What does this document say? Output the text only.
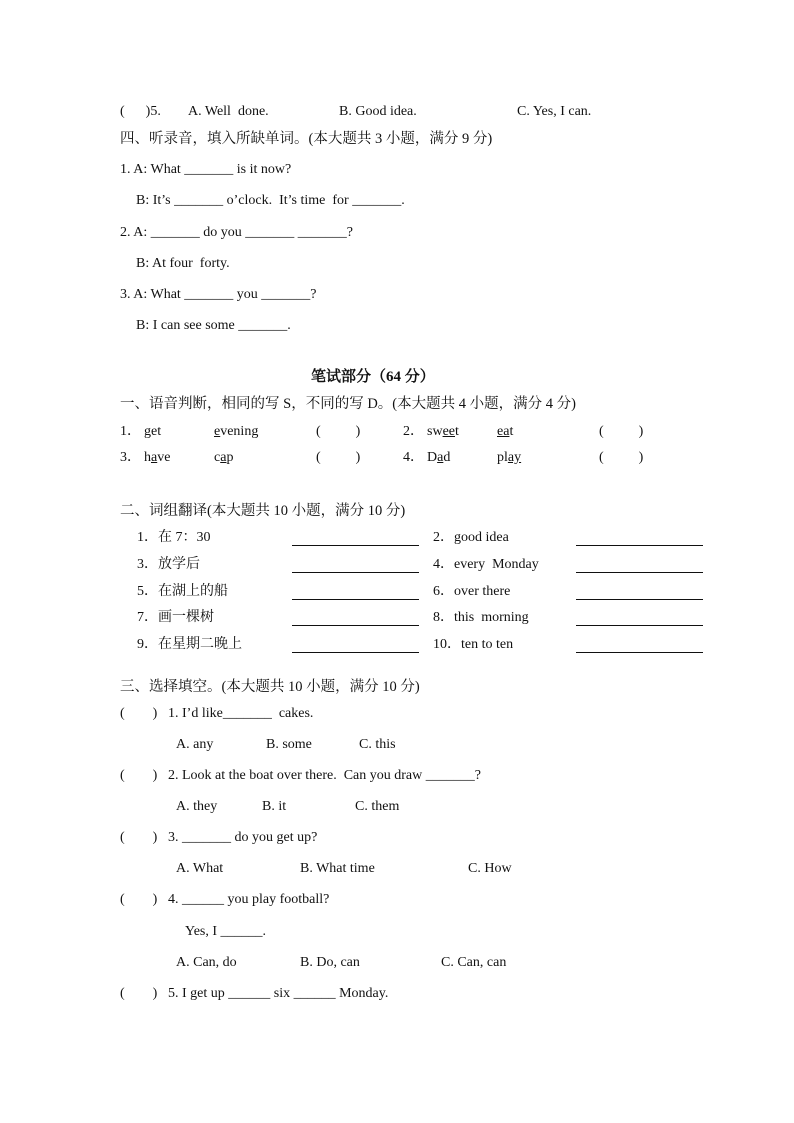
(      )5. A. Well  done.	B. Good idea.	C. Yes, I can.
四、听录音，填入所缺单词。(本大题共 3 小题，满分 9 分)
1. A: What _______ is it now?
B: It’s _______ o’clock.  It’s time  for _______.
2. A: _______ do you _______ _______?
B: At four  forty.
3. A: What _______ you _______?
B: I can see some _______.
笔试部分（64 分）
一、语音判断，相同的写 S，不同的写 D。(本大题共 4 小题，满分 4 分)
1． get	evening	(          )	2． sweet	eat	(          )
3． have	cap	(          )	4． Dad	play	(          )
二、词组翻译(本大题共 10 小题，满分 10 分)
1．在 7：30	2．good idea
3．放学后	4．every  Monday
5．在湖上的船	6．over there
7．画一棵树	8．this  morning
9．在星期二晚上	10．ten to ten
三、选择填空。(本大题共 10 小题，满分 10 分)
(        ) 1. I’d like_______  cakes.
A. any	B. some	C. this
(        ) 2. Look at the boat over there.  Can you draw _______?
A. they	B. it	C. them
(        ) 3. _______ do you get up?
A. What	B. What time	C. How
(        ) 4. ______ you play football?
Yes, I ______.
A. Can, do	B. Do, can	C. Can, can
(        ) 5. I get up ______ six ______ Monday.
